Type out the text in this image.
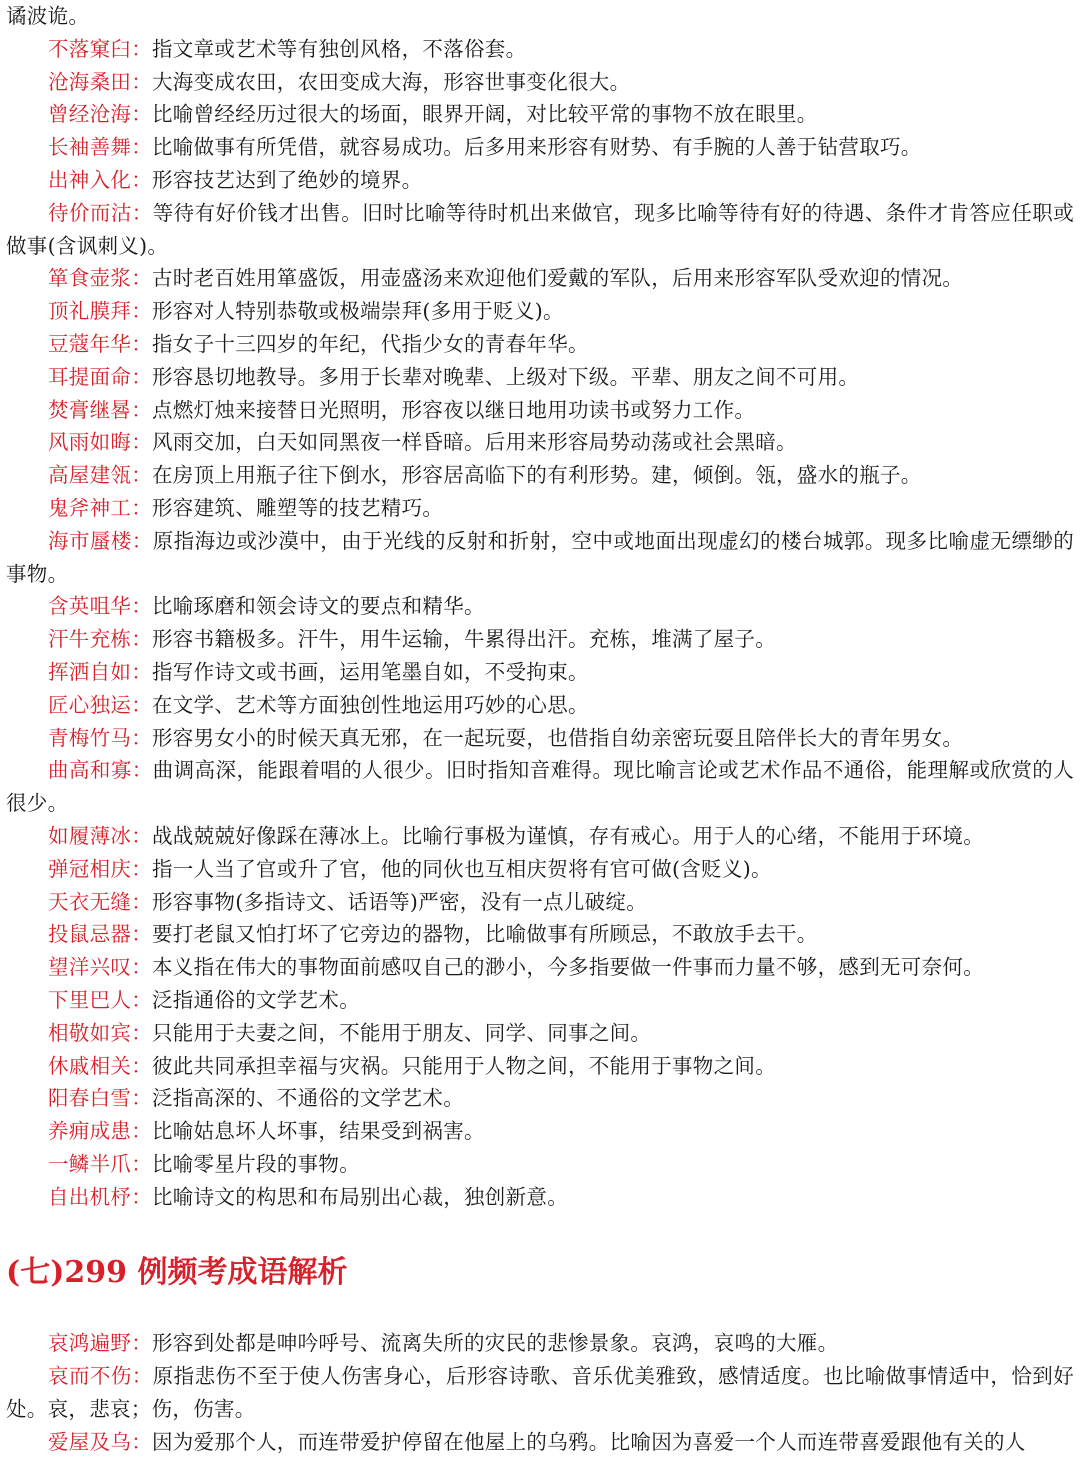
谲波诡。

不落窠臼：指文章或艺术等有独创风格，不落俗套。

沧海桑田：大海变成农田，农田变成大海，形容世事变化很大。

曾经沧海：比喻曾经经历过很大的场面，眼界开阔，对比较平常的事物不放在眼里。

长袖善舞：比喻做事有所凭借，就容易成功。后多用来形容有财势、有手腕的人善于钻营取巧。

出神入化：形容技艺达到了绝妙的境界。

待价而沽：等待有好价钱才出售。旧时比喻等待时机出来做官，现多比喻等待有好的待遇、条件才肯答应任职或做事(含讽刺义)。

箪食壶浆：古时老百姓用箪盛饭，用壶盛汤来欢迎他们爱戴的军队，后用来形容军队受欢迎的情况。

顶礼膜拜：形容对人特别恭敬或极端崇拜(多用于贬义)。

豆蔻年华：指女子十三四岁的年纪，代指少女的青春年华。

耳提面命：形容恳切地教导。多用于长辈对晚辈、上级对下级。平辈、朋友之间不可用。

焚膏继晷：点燃灯烛来接替日光照明，形容夜以继日地用功读书或努力工作。

风雨如晦：风雨交加，白天如同黑夜一样昏暗。后用来形容局势动荡或社会黑暗。

高屋建瓴：在房顶上用瓶子往下倒水，形容居高临下的有利形势。建，倾倒。瓴，盛水的瓶子。

鬼斧神工：形容建筑、雕塑等的技艺精巧。

海市蜃楼：原指海边或沙漠中，由于光线的反射和折射，空中或地面出现虚幻的楼台城郭。现多比喻虚无缥缈的事物。

含英咀华：比喻琢磨和领会诗文的要点和精华。

汗牛充栋：形容书籍极多。汗牛，用牛运输，牛累得出汗。充栋，堆满了屋子。

挥洒自如：指写作诗文或书画，运用笔墨自如，不受拘束。

匠心独运：在文学、艺术等方面独创性地运用巧妙的心思。

青梅竹马：形容男女小的时候天真无邪，在一起玩耍，也借指自幼亲密玩耍且陪伴长大的青年男女。

曲高和寡：曲调高深，能跟着唱的人很少。旧时指知音难得。现比喻言论或艺术作品不通俗，能理解或欣赏的人很少。

如履薄冰：战战兢兢好像踩在薄冰上。比喻行事极为谨慎，存有戒心。用于人的心绪，不能用于环境。

弹冠相庆：指一人当了官或升了官，他的同伙也互相庆贺将有官可做(含贬义)。

天衣无缝：形容事物(多指诗文、话语等)严密，没有一点儿破绽。

投鼠忌器：要打老鼠又怕打坏了它旁边的器物，比喻做事有所顾忌，不敢放手去干。

望洋兴叹：本义指在伟大的事物面前感叹自己的渺小，今多指要做一件事而力量不够，感到无可奈何。

下里巴人：泛指通俗的文学艺术。

相敬如宾：只能用于夫妻之间，不能用于朋友、同学、同事之间。

休戚相关：彼此共同承担幸福与灾祸。只能用于人物之间，不能用于事物之间。

阳春白雪：泛指高深的、不通俗的文学艺术。

养痈成患：比喻姑息坏人坏事，结果受到祸害。

一鳞半爪：比喻零星片段的事物。

自出机杼：比喻诗文的构思和布局别出心裁，独创新意。

(七)299 例频考成语解析

哀鸿遍野：形容到处都是呻吟呼号、流离失所的灾民的悲惨景象。哀鸿，哀鸣的大雁。

哀而不伤：原指悲伤不至于使人伤害身心，后形容诗歌、音乐优美雅致，感情适度。也比喻做事情适中，恰到好处。哀，悲哀；伤，伤害。

爱屋及乌：因为爱那个人，而连带爱护停留在他屋上的乌鸦。比喻因为喜爱一个人而连带喜爱跟他有关的人
